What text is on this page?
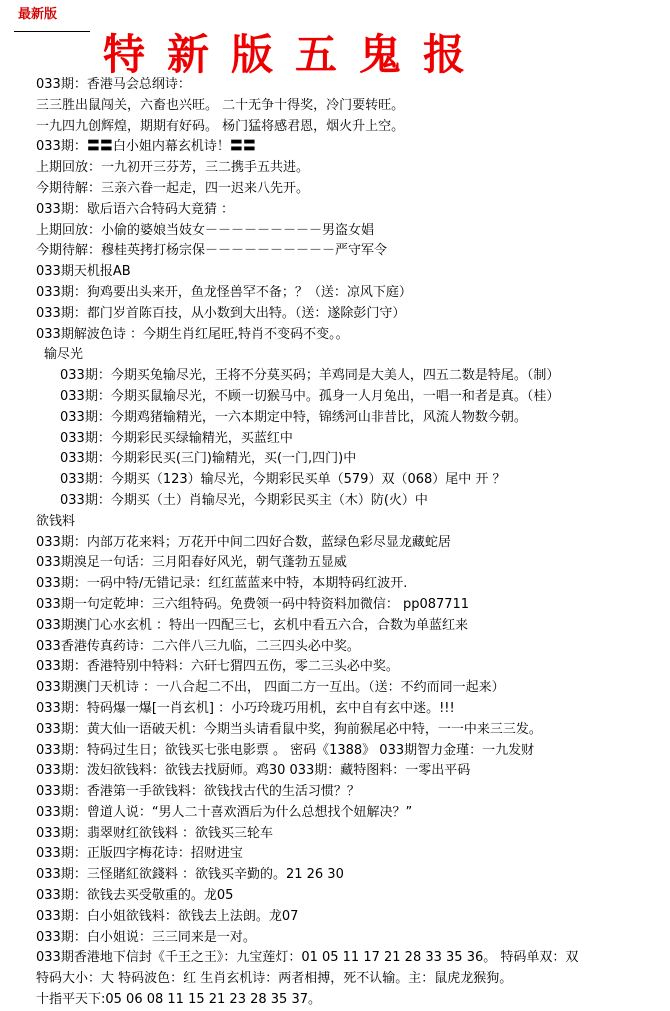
最新版
特新版五鬼报
033期：香港马会总纲诗：
三三胜出鼠闯关，六畜也兴旺。 二十无争十得奖，冷门要转旺。
一九四九创辉煌，期期有好码。 杨门猛将感君恩，烟火升上空。
033期：〓〓白小姐内幕玄机诗！〓〓
上期回放：一九初开三芬芳，三二携手五共进。
今期待解：三亲六眷一起走，四一迟来八先开。
033期：歇后语六合特码大竟猜 ：
上期回放：小偷的婆娘当妓女－－－－－－－－－男盗女娼
今期待解：穆桂英拷打杨宗保－－－－－－－－－－严守军令
033期天机报AB
033期：狗鸡要出头来开，鱼龙怪兽罕不备；？（送：凉风下庭）
033期：都门岁首陈百技，从小数到大出特。（送：遂除彭门守）
033期解波色诗 ：今期生肖红尾旺,特肖不变码不变。。
输尽光
033期：今期买兔输尽光，王将不分莫买码；羊鸡同是大美人，四五二数是特尾。（制）
033期：今期买鼠输尽光，不顾一切猴马中。孤身一人月兔出，一唱一和者是真。（桂）
033期：今期鸡猪输精光，一六本期定中特，锦绣河山非昔比，风流人物数今朝。
033期：今期彩民买绿输精光，买蓝红中
033期：今期彩民买(三门)输精光，买(一门,四门)中
033期：今期买（123）输尽光，今期彩民买单（579）双（068）尾中 开 ？
033期：今期买（土）肖输尽光，今期彩民买主（木）防(火）中
欲钱料
033期：内部万花来料；万花开中间二四好合数，蓝绿色彩尽显龙藏蛇居
033期溴足一句话：三月阳春好风光，朝气蓬勃五显威
033期：一码中特/无错记录：红红蓝蓝来中特，本期特码红波开.
033期一句定乾坤：三六组特码。免费领一码中特资料加微信： pp087711
033期澳门心水玄机 ：特出一四配三七，玄机中看五六合，合数为单蓝红来
033香港传真药诗：二六伴八三九临，二三四头必中奖。
033期：香港特别中特料：六矸七猬四五伤，零二三头必中奖。
033期澳门天机诗 ：一八合起二不出， 四面二方一互出。（送：不约而同一起来）
033期：特码爆一爆[一肖玄机] ：小巧玲珑巧用机，玄中自有玄中迷。!!!
033期：黄大仙一语破天机：今期当头请看鼠中奖，狗前猴尾必中特，一一中来三三发。
033期：特码过生日；欲钱买七张电影票 。 密码《1388》 033期智力金瑾：一九发财
033期：泼妇欲钱料：欲钱去找厨师。鸡30 033期：藏特图料：一零出平码
033期：香港第一手欲钱料：欲钱找古代的生活习惯？？
033期：曾道人说：“男人二十喜欢酒后为什么总想找个妞解决？”
033期：翡翠财红欲钱料 ：欲钱买三轮车
033期：正版四字梅花诗：招财进宝
033期：三怪賭紅欲錢料 ：欲钱买辛勤的。21 26 30
033期：欲钱去买受敬重的。龙05
033期：白小姐欲钱料：欲钱去上法朗。龙07
033期：白小姐说：三三同来是一对。
033期香港地下信封《千王之王》：九宝莲灯：01 05 11 17 21 28 33 35 36。 特码单双：双
特码大小：大 特码波色：红 生肖玄机诗：两者相搏，死不认输。主：鼠虎龙猴狗。
十指平天下:05 06 08 11 15 21 23 28 35 37。
